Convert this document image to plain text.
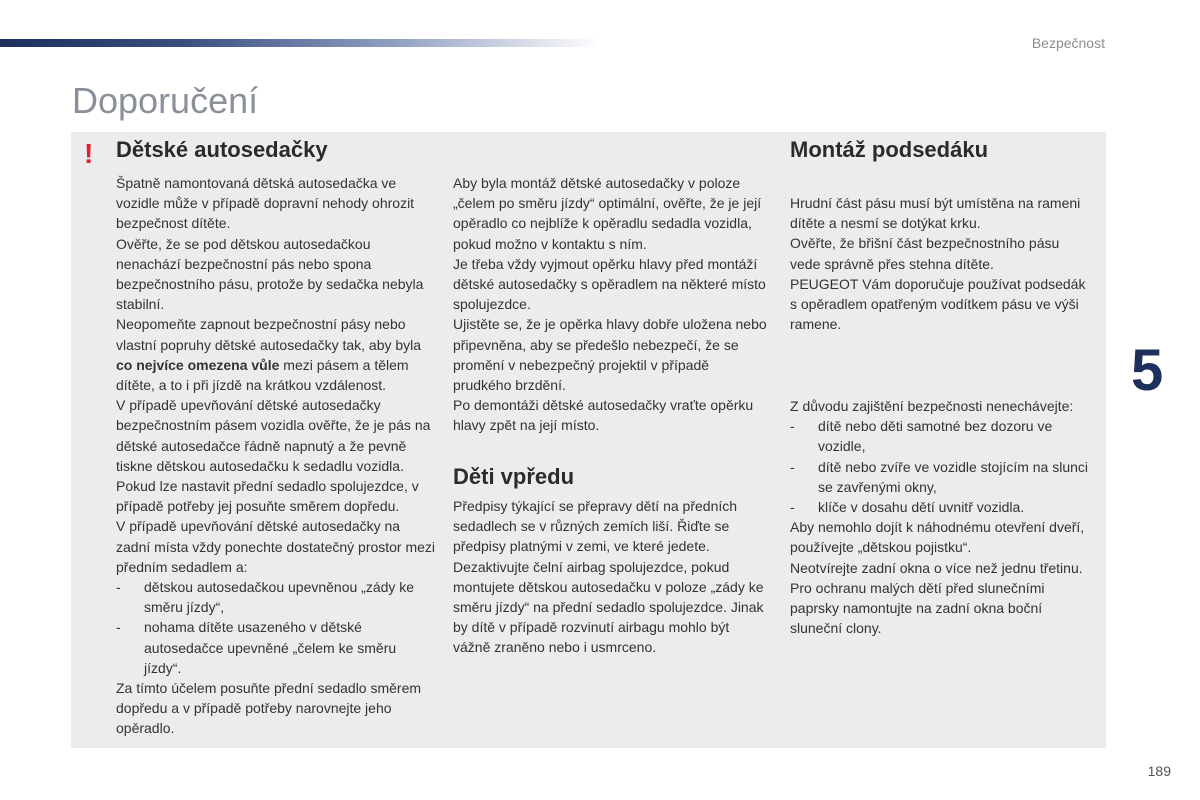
Bezpečnost
Doporučení
! Dětské autosedačky

Špatně namontovaná dětská autosedačka ve vozidle může v případě dopravní nehody ohrozit bezpečnost dítěte.

Ověřte, že se pod dětskou autosedačkou nenachází bezpečnostní pás nebo spona bezpečnostního pásu, protože by sedačka nebyla stabilní.

Neopomeňte zapnout bezpečnostní pásy nebo vlastní popruhy dětské autosedačky tak, aby byla co nejvíce omezena vůle mezi pásem a tělem dítěte, a to i při jízdě na krátkou vzdálenost.

V případě upevňování dětské autosedačky bezpečnostním pásem vozidla ověřte, že je pás na dětské autosedačce řádně napnutý a že pevně tiskne dětskou autosedačku k sedadlu vozidla.

Pokud lze nastavit přední sedadlo spolujezdce, v případě potřeby jej posuňte směrem dopředu.

V případě upevňování dětské autosedačky na zadní místa vždy ponechte dostatečný prostor mezi předním sedadlem a:

- dětskou autosedačkou upevněnou „zády ke směru jízdy“,
- nohama dítěte usazeného v dětské autosedačce upevněné „čelem ke směru jízdy“.

Za tímto účelem posuňte přední sedadlo směrem dopředu a v případě potřeby narovnejte jeho opěradlo.

Aby byla montáž dětské autosedačky v poloze „čelem po směru jízdy“ optimální, ověřte, že je její opěradlo co nejblíže k opěradlu sedadla vozidla, pokud možno v kontaktu s ním.

Je třeba vždy vyjmout opěrku hlavy před montáží dětské autosedačky s opěradlem na některé místo spolujezdce.

Ujistěte se, že je opěrka hlavy dobře uložena nebo připevněna, aby se předešlo nebezpečí, že se promění v nebezpečný projektil v případě prudkého brzdění.

Po demontáži dětské autosedačky vraťte opěrku hlavy zpět na její místo.

Děti vpředu

Předpisy týkající se přepravy dětí na předních sedadlech se v různých zemích liší. Řiďte se předpisy platnými v zemi, ve které jedete.

Dezaktivujte čelní airbag spolujezdce, pokud montujete dětskou autosedačku v poloze „zády ke směru jízdy“ na přední sedadlo spolujezdce. Jinak by dítě v případě rozvinutí airbagu mohlo být vážně zraněno nebo i usmrceno.

Montáž podsedáku

Hrudní část pásu musí být umístěna na rameni dítěte a nesmí se dotýkat krku.

Ověřte, že břišní část bezpečnostního pásu vede správně přes stehna dítěte.

PEUGEOT Vám doporučuje používat podsedák s opěradlem opatřeným vodítkem pásu ve výši ramene.

Z důvodu zajištění bezpečnosti nenechávejte:

- dítě nebo děti samotné bez dozoru ve vozidle,
- dítě nebo zvíře ve vozidle stojícím na slunci se zavřenými okny,
- klíče v dosahu dětí uvnitř vozidla.

Aby nemohlo dojít k náhodnému otevření dveří, používejte „dětskou pojistku“.

Neotvírejte zadní okna o více než jednu třetinu.

Pro ochranu malých dětí před slunečními paprsky namontujte na zadní okna boční sluneční clony.

5
189
